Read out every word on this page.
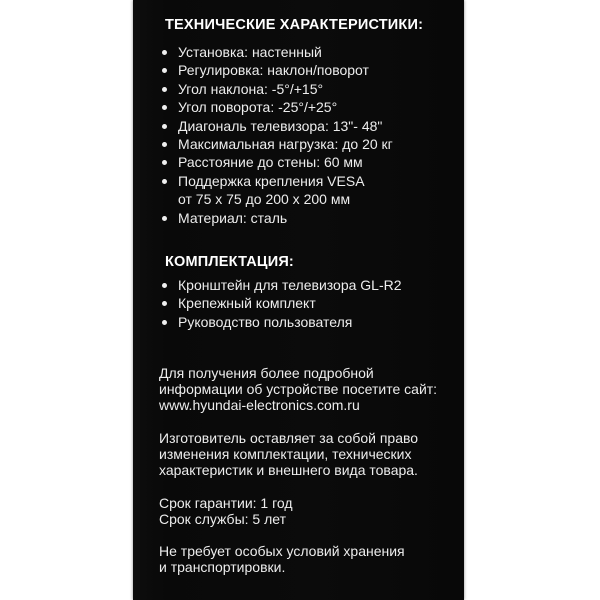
ТЕХНИЧЕСКИЕ ХАРАКТЕРИСТИКИ:
Установка: настенный
Регулировка: наклон/поворот
Угол наклона: -5°/+15°
Угол поворота: -25°/+25°
Диагональ телевизора: 13"- 48"
Максимальная нагрузка: до 20 кг
Расстояние до стены: 60 мм
Поддержка крепления VESA
от 75 х 75 до 200 х 200 мм
Материал: сталь
КОМПЛЕКТАЦИЯ:
Кронштейн для телевизора GL-R2
Крепежный комплект
Руководство пользователя
Для получения более подробной
информации об устройстве посетите сайт:
www.hyundai-electronics.com.ru
Изготовитель оставляет за собой право
изменения комплектации, технических
характеристик и внешнего вида товара.
Срок гарантии: 1 год
Срок службы: 5 лет
Не требует особых условий хранения
и транспортировки.
